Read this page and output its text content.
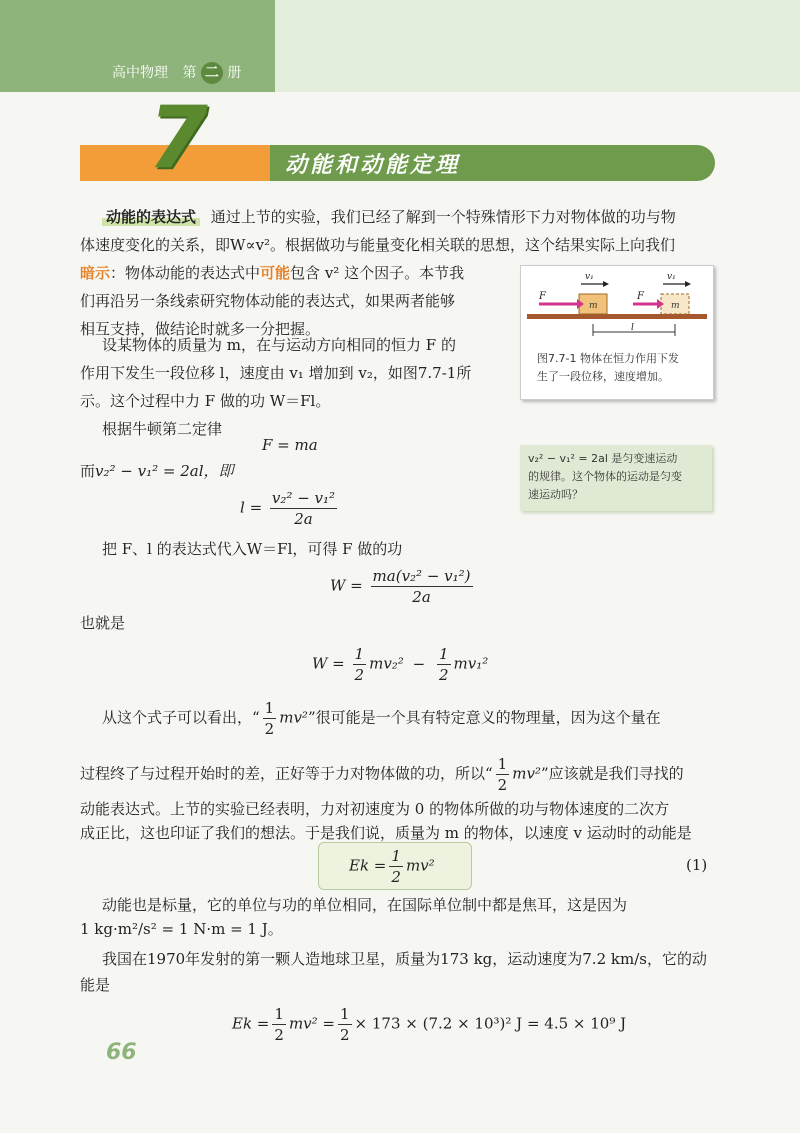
高中物理 第 二 册
7	动能和动能定理
动能的表达式 通过上节的实验，我们已经了解到一个特殊情形下力对物体做的功与物
体速度变化的关系，即W∝v²。根据做功与能量变化相关联的思想，这个结果实际上向我们
暗示：物体动能的表达式中可能包含 v² 这个因子。本节我
们再沿另一条线索研究物体动能的表达式，如果两者能够
相互支持，做结论时就多一分把握。
设某物体的质量为 m，在与运动方向相同的恒力 F 的
作用下发生一段位移 l，速度由 v₁ 增加到 v₂，如图7.7-1所
示。这个过程中力 F 做的功 W＝Fl。
根据牛顿第二定律
m	m
F	F
v₁	v₁
l
图7.7-1 物体在恒力作用下发
生了一段位移，速度增加。
v₂² − v₁² = 2al 是匀变速运动
的规律。这个物体的运动是匀变
速运动吗？
F = ma
而v₂² − v₁² = 2al，即
$l = \frac{\text{v₂² − v₁²}}{2a}$
把 F、l 的表达式代入W＝Fl，可得 F 做的功
$W = \frac{\text{ma(v₂² − v₁²)}}{2a}$
也就是
$W = \frac{1}{2} mv_2^2 - \frac{1}{2} mv_1^2$
从这个式子可以看出，“ $\frac{1}{2} mv^2$”很可能是一个具有特定意义的物理量，因为这个量在
过程终了与过程开始时的差，正好等于力对物体做的功，所以“ $\frac{1}{2} mv^2$”应该就是我们寻找的
动能表达式。上节的实验已经表明，力对初速度为 0 的物体所做的功与物体速度的二次方
成正比，这也印证了我们的想法。于是我们说，质量为 m 的物体，以速度 v 运动时的动能是
$Ek = \frac{1}{2} mv^2$	(1)
动能也是标量，它的单位与功的单位相同，在国际单位制中都是焦耳，这是因为
1 kg·m²/s² = 1 N·m = 1 J。
我国在1970年发射的第一颗人造地球卫星，质量为173 kg，运动速度为7.2 km/s，它的动
能是
$Ek = \frac{1}{2} mv^2 = \frac{1}{2} \times 173 \times (7.2 \times 10^3)^2$ J = 4.5 × 10⁹ J
66
